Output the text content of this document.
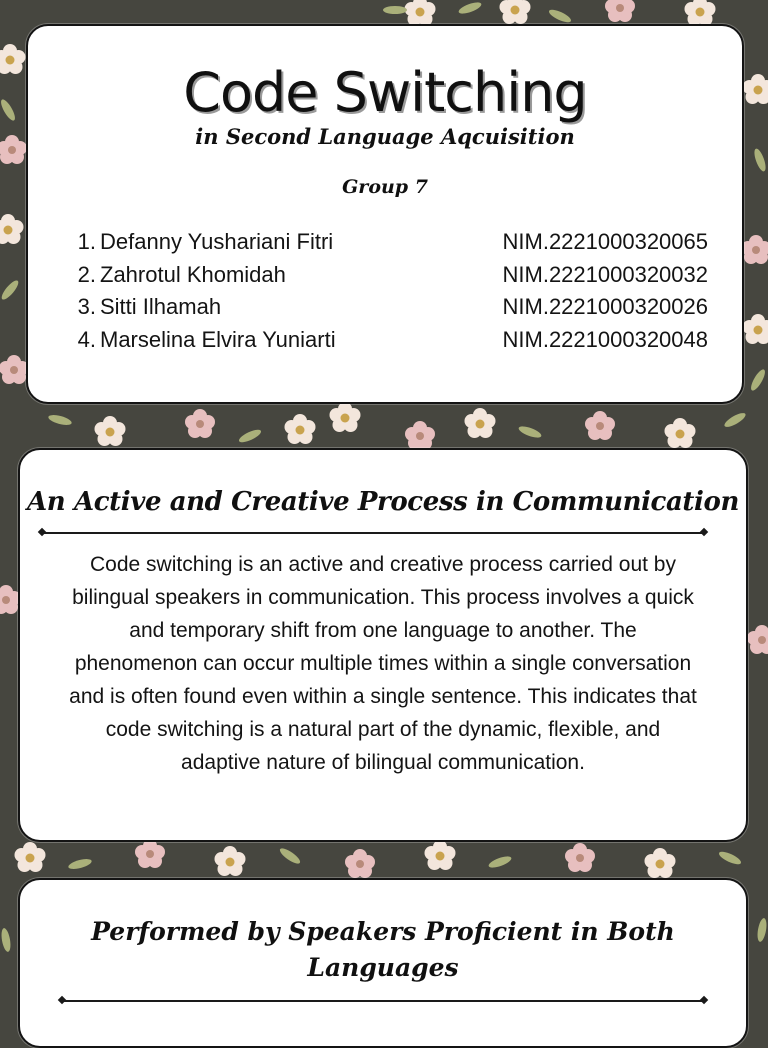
Code Switching
in Second Language Aqcuisition
Group 7
1. Defanny Yushariani Fitri	NIM.2221000320065
2. Zahrotul Khomidah	NIM.2221000320032
3. Sitti Ilhamah	NIM.2221000320026
4. Marselina Elvira Yuniarti	NIM.2221000320048
An Active and Creative Process in Communication
Code switching is an active and creative process carried out by bilingual speakers in communication. This process involves a quick and temporary shift from one language to another. The phenomenon can occur multiple times within a single conversation and is often found even within a single sentence. This indicates that code switching is a natural part of the dynamic, flexible, and adaptive nature of bilingual communication.
Performed by Speakers Proficient in Both Languages
